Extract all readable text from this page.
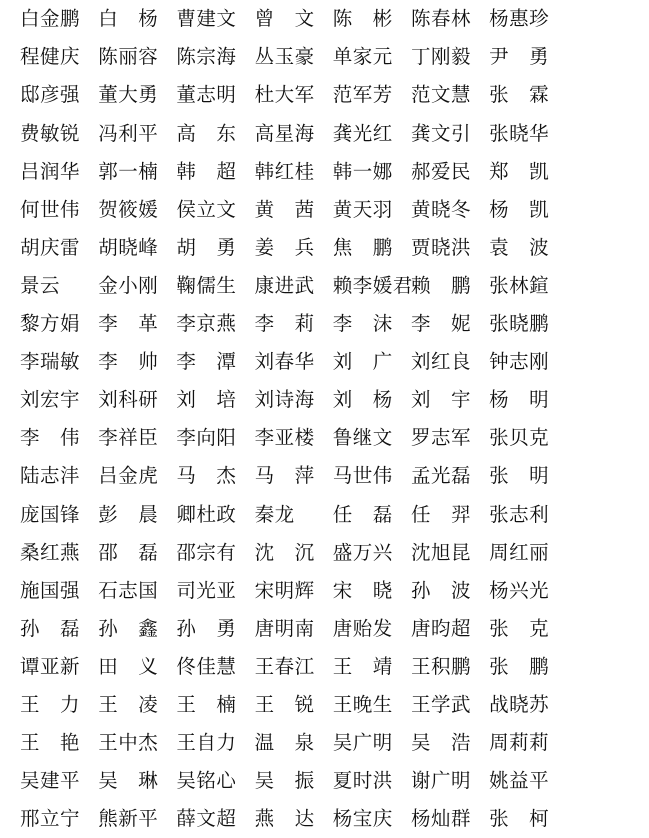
白金鹏 白　杨 曹建文 曾　文 陈　彬 陈春林 杨惠珍
程健庆 陈丽容 陈宗海 丛玉豪 单家元 丁刚毅 尹　勇
邸彦强 董大勇 董志明 杜大军 范军芳 范文慧 张　霖
费敏锐 冯利平 高　东 高星海 龚光红 龚文引 张晓华
吕润华 郭一楠 韩　超 韩红桂 韩一娜 郝爱民 郑　凯
何世伟 贺筱媛 侯立文 黄　茜 黄天羽 黄晓冬 杨　凯
胡庆雷 胡晓峰 胡　勇 姜　兵 焦　鹏 贾晓洪 袁　波
景云	金小刚 鞠儒生 康进武 赖李媛君
赖　鹏 张林鍹
黎方娟 李　革 李京燕 李　莉 李　沫 李　妮 张晓鹏
李瑞敏 李　帅 李　潭 刘春华 刘　广 刘红良 钟志刚
刘宏宇 刘科研 刘　培 刘诗海 刘　杨 刘　宇 杨　明
李　伟 李祥臣 李向阳 李亚楼 鲁继文 罗志军 张贝克
陆志沣 吕金虎 马　杰 马　萍 马世伟 孟光磊 张　明
庞国锋 彭　晨 卿杜政 秦龙	任　磊 任　羿 张志利
桑红燕 邵　磊 邵宗有 沈　沉 盛万兴 沈旭昆 周红丽
施国强 石志国 司光亚 宋明辉 宋　晓 孙　波 杨兴光
孙　磊 孙　鑫 孙　勇 唐明南 唐贻发 唐昀超 张　克
谭亚新 田　义 佟佳慧 王春江 王　靖 王积鹏 张　鹏
王　力 王　凌 王　楠 王　锐 王晚生 王学武 战晓苏
王　艳 王中杰 王自力 温　泉 吴广明 吴　浩 周莉莉
吴建平 吴　琳 吴铭心 吴　振 夏时洪 谢广明 姚益平
邢立宁 熊新平 薛文超 燕　达 杨宝庆 杨灿群 张　柯
